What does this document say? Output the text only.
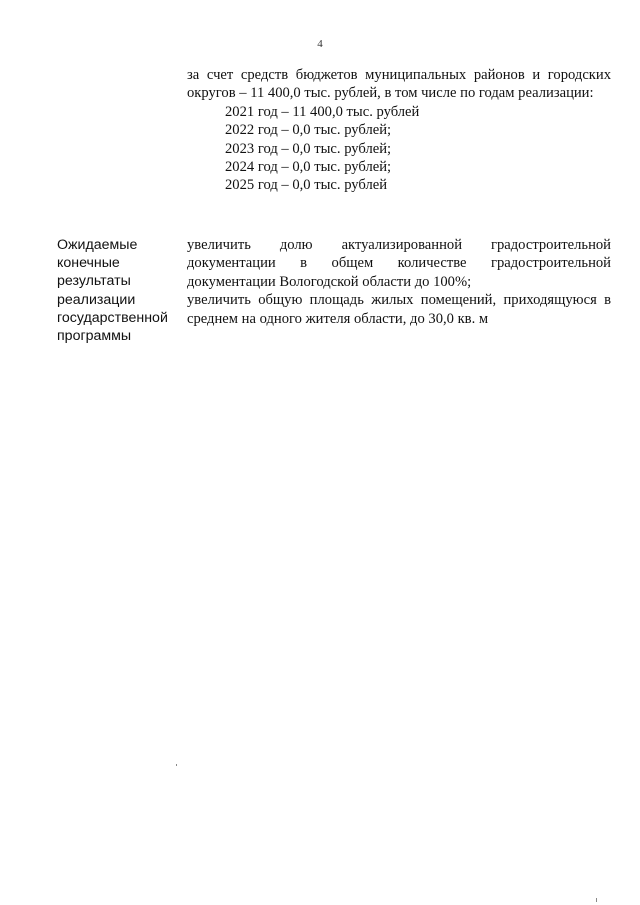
4

за счет средств бюджетов муниципальных районов и городских округов – 11 400,0 тыс. рублей, в том числе по годам реализации:

2021 год – 11 400,0 тыс. рублей
2022 год – 0,0 тыс. рублей;
2023 год – 0,0 тыс. рублей;
2024 год – 0,0 тыс. рублей;
2025 год – 0,0 тыс. рублей
Ожидаемые
конечные
результаты
реализации
государственной
программы

увеличить долю актуализированной градостроительной документации в общем количестве градостроительной документации Вологодской области до 100%;

увеличить общую площадь жилых помещений, приходящуюся в среднем на одного жителя области, до 30,0 кв. м
